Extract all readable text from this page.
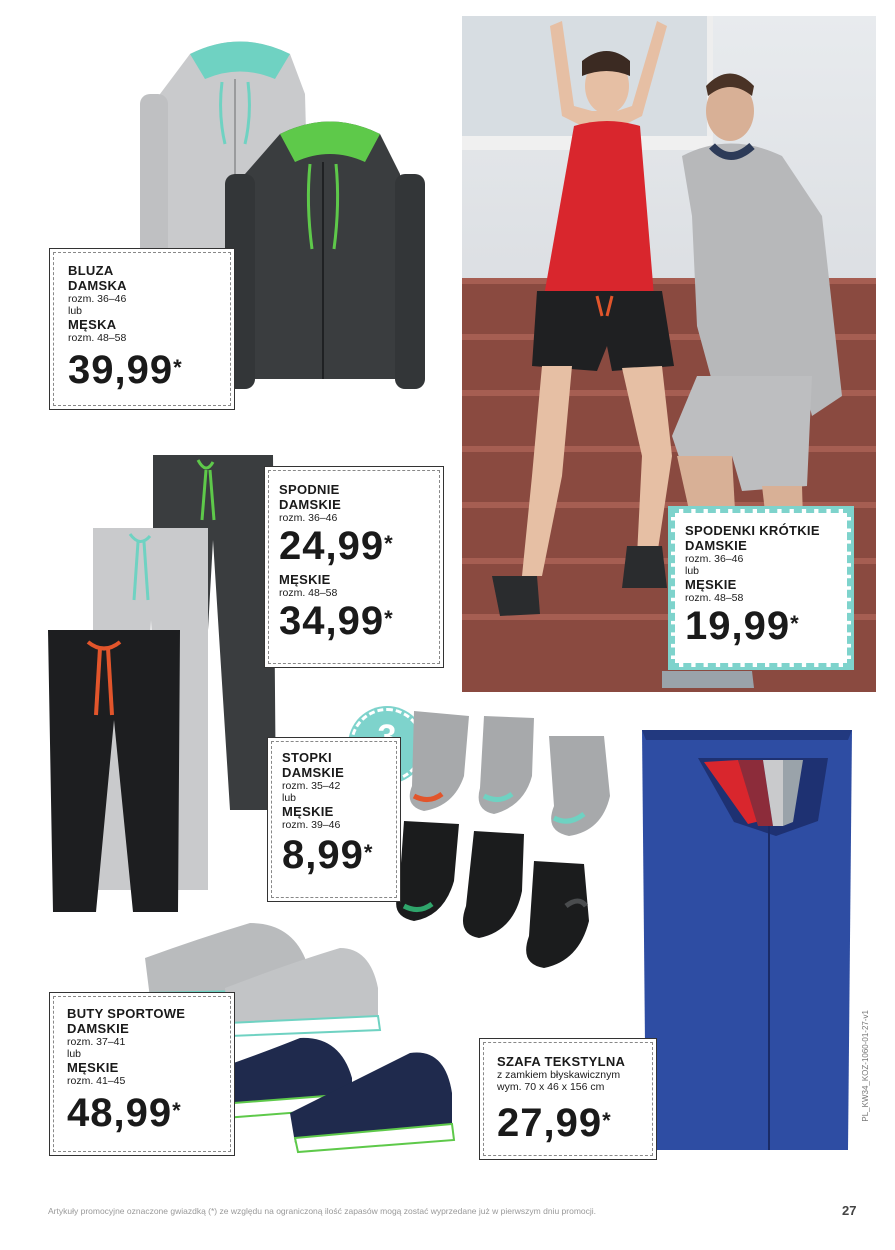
BLUZA
DAMSKA
rozm. 36–46
lub
MĘSKA
rozm. 48–58
39,99*
SPODNIE
DAMSKIE
rozm. 36–46
24,99*
MĘSKIE
rozm. 48–58
34,99*
SPODENKI KRÓTKIE
DAMSKIE
rozm. 36–46
lub
MĘSKIE
rozm. 48–58
19,99*
STOPKI
DAMSKIE
rozm. 35–42
lub
MĘSKIE
rozm. 39–46
8,99*
SZAFA TEKSTYLNA
z zamkiem błyskawicznym
wym. 70 x 46 x 156 cm
27,99*
BUTY SPORTOWE
DAMSKIE
rozm. 37–41
lub
MĘSKIE
rozm. 41–45
48,99*	PL_KW34_KOZ-1060-01-27-v1
Artykuły promocyjne oznaczone gwiazdką (*) ze względu na ograniczoną ilość zapasów mogą zostać wyprzedane już w pierwszym dniu promocji.	27
